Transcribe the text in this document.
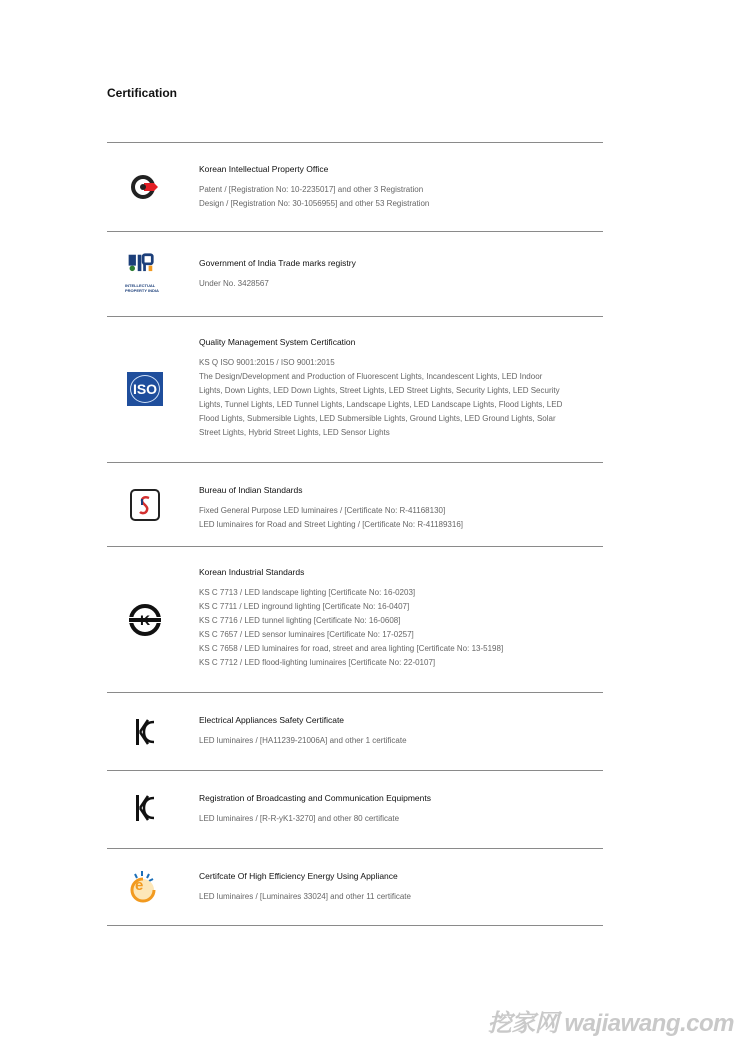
Certification
Korean Intellectual Property Office
Patent / [Registration No: 10-2235017] and other 3 Registration
Design / [Registration No: 30-1056955] and other 53 Registration
INTELLECTUAL PROPERTY INDIA
Government of India Trade marks registry
Under No. 3428567
ISO
Quality Management System Certification
KS Q ISO 9001:2015 / ISO 9001:2015
The Design/Development and Production of Fluorescent Lights, Incandescent Lights, LED Indoor Lights, Down Lights, LED Down Lights, Street Lights, LED Street Lights, Security Lights, LED Security Lights, Tunnel Lights, LED Tunnel Lights, Landscape Lights, LED Landscape Lights, Flood Lights, LED Flood Lights, Submersible Lights, LED Submersible Lights, Ground Lights, LED Ground Lights, Solar Street Lights, Hybrid Street Lights, LED Sensor Lights
Bureau of Indian Standards
Fixed General Purpose LED luminaires / [Certificate No: R-41168130]
LED luminaires for Road and Street Lighting / [Certificate No: R-41189316]
K
Korean Industrial Standards
KS C 7713 / LED landscape lighting [Certificate No: 16-0203]
KS C 7711 / LED inground lighting [Certificate No: 16-0407]
KS C 7716 / LED tunnel lighting [Certificate No: 16-0608]
KS C 7657 / LED sensor luminaires [Certificate No: 17-0257]
KS C 7658 / LED luminaires for road, street and area lighting [Certificate No: 13-5198]
KS C 7712 / LED flood-lighting luminaires [Certificate No: 22-0107]
Electrical Appliances Safety Certificate
LED luminaires / [HA11239-21006A] and other 1 certificate
Registration of Broadcasting and Communication Equipments
LED luminaires / [R-R-yK1-3270] and other 80 certificate
e
Certifcate Of High Efficiency Energy Using Appliance
LED luminaires / [Luminaires 33024] and other 11 certificate
挖家网 wajiawang.com
